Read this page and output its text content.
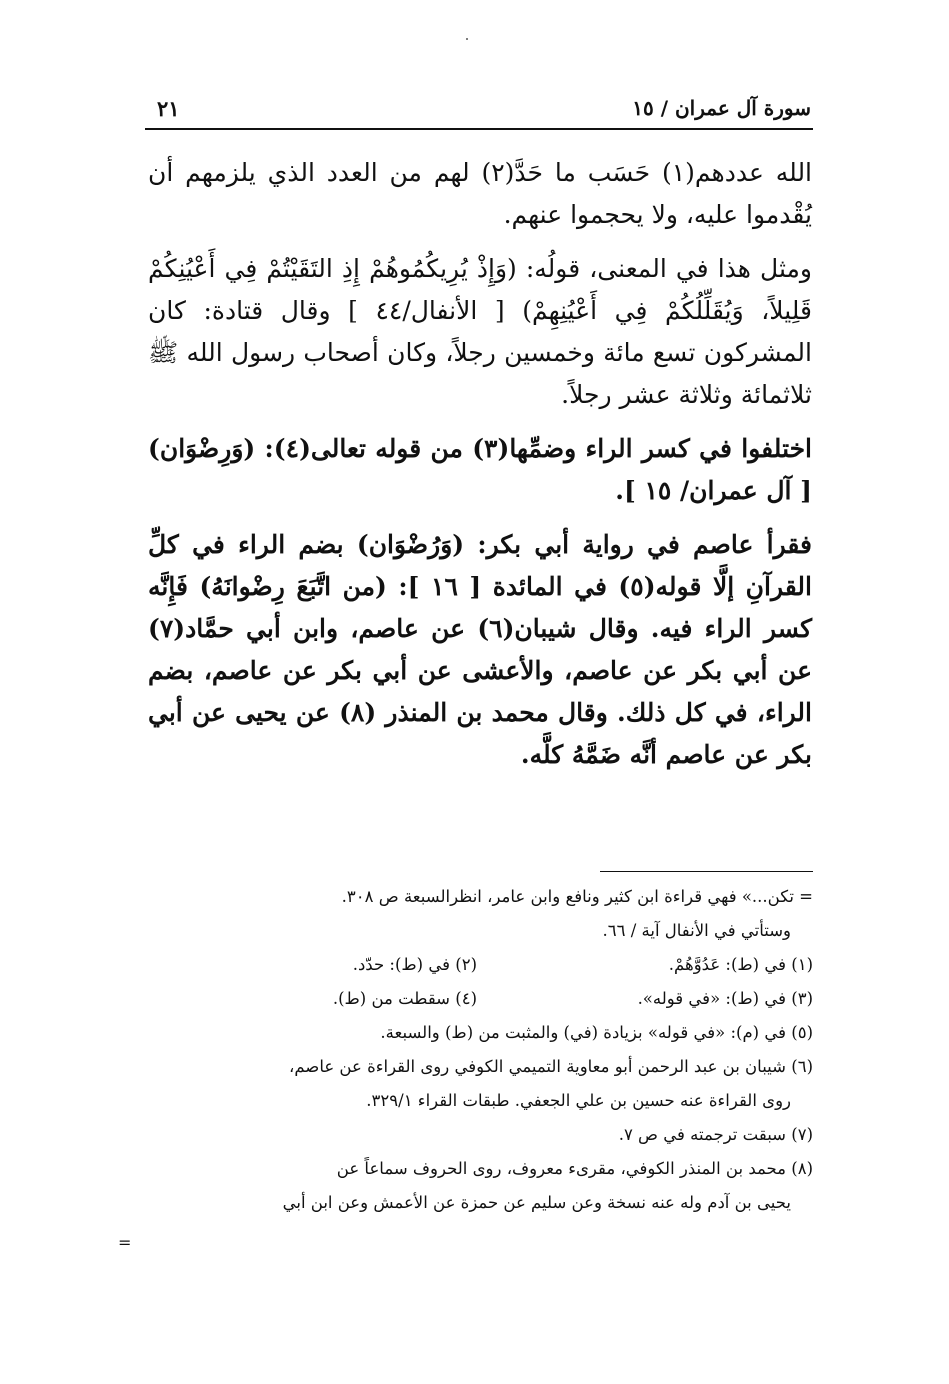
سورة آل عمران / ١٥
٢١

الله عددهم(١) حَسَب ما حَدَّ(٢) لهم من العدد الذي يلزمهم أن يُقْدموا عليه، ولا يحجموا عنهم.

ومثل هذا في المعنى، قولُه: (وَإِذْ يُرِيكُمُوهُمْ إِذِ التَقَيْتُمْ فِي أَعْيُنِكُمْ قَلِيلاً، وَيُقَلِّلُكُمْ فِي أَعْيُنِهِمْ) [ الأنفال/٤٤ ] وقال قتادة: كان المشركون تسع مائة وخمسين رجلاً، وكان أصحاب رسول الله ﷺ ثلاثمائة وثلاثة عشر رجلاً.

اختلفوا في كسر الراء وضمِّها(٣) من قوله تعالى(٤): (وَرِضْوَان) [ آل عمران/ ١٥ ].

فقرأ عاصم في رواية أبي بكر: (وَرُضْوَان) بضم الراء في كلِّ القرآنِ إلَّا قوله(٥) في المائدة [ ١٦ ]: (من اتَّبَعَ رِضْوانَهُ) فَإِنَّه كسر الراء فيه. وقال شيبان(٦) عن عاصم، وابن أبي حمَّاد(٧) عن أبي بكر عن عاصم، والأعشى عن أبي بكر عن عاصم، بضم الراء، في كل ذلك. وقال محمد بن المنذر (٨) عن يحيى عن أبي بكر عن عاصم أنَّه ضَمَّهُ كلَّه.

= تكن...» فهي قراءة ابن كثير ونافع وابن عامر، انظرالسبعة ص ٣٠٨.

وستأتي في الأنفال آية / ٦٦.

(١) في (ط): عَدُوَّهُمْ.
(٢) في (ط): حدّد.
(٣) في (ط): «في قوله».
(٤) سقطت من (ط).

(٥) في (م): «في قوله» بزيادة (في) والمثبت من (ط) والسبعة.

(٦) شيبان بن عبد الرحمن أبو معاوية التميمي الكوفي روى القراءة عن عاصم،

روى القراءة عنه حسين بن علي الجعفي. طبقات القراء ٣٢٩/١.

(٧) سبقت ترجمته في ص ٧.

(٨) محمد بن المنذر الكوفي، مقرىء معروف، روى الحروف سماعاً عن

يحيى بن آدم وله عنه نسخة وعن سليم عن حمزة عن الأعمش وعن ابن أبي

=
